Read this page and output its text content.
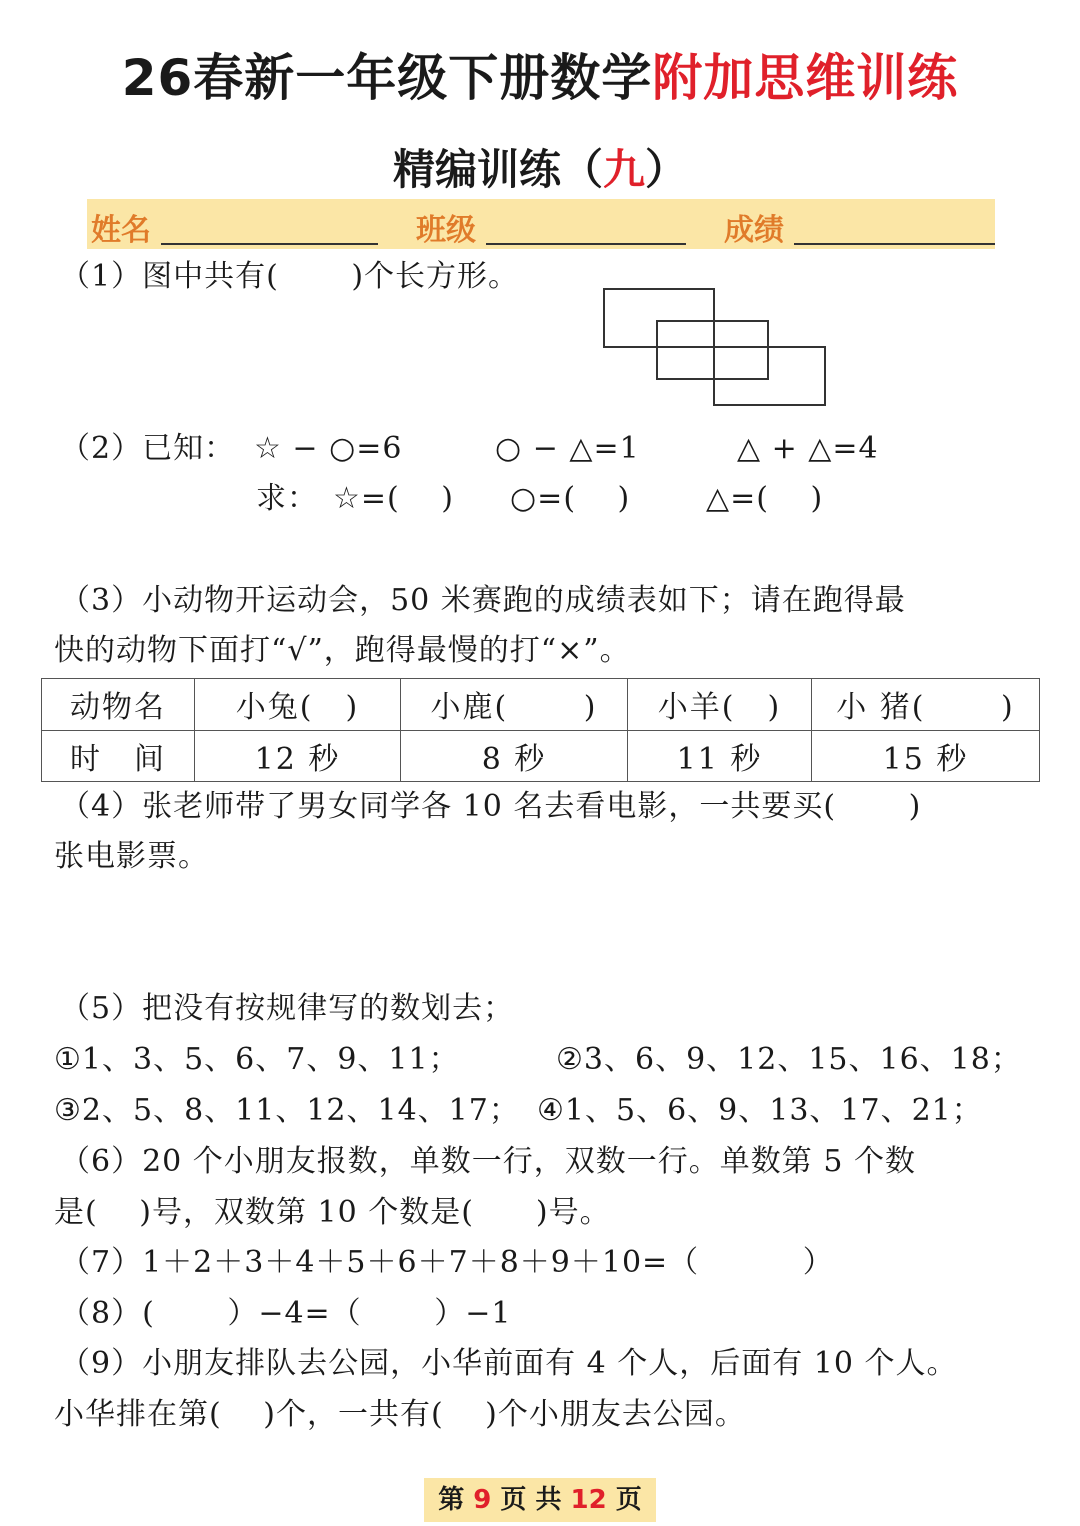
26春新一年级下册数学附加思维训练
精编训练（九）
姓名	班级	成绩
（1）图中共有(　　 )个长方形。
（2）已知： ☆ − ○=6	○ − △=1	△ + △=4
求： ☆=(　 ) ○=(　 )	△=(　 )
（3）小动物开运动会，50 米赛跑的成绩表如下；请在跑得最
快的动物下面打“√”，跑得最慢的打“×”。
动物名	小兔(　)	小鹿(　　 )	小羊(　)	小 猪(　　 )
时　间	12 秒	8 秒	11 秒	15 秒
（4）张老师带了男女同学各 10 名去看电影，一共要买(　　 )
张电影票。
（5）把没有按规律写的数划去；
①1、3、5、6、7、9、11；	②3、6、9、12、15、16、18；
③2、5、8、11、12、14、17； ④1、5、6、9、13、17、21；
（6）20 个小朋友报数，单数一行，双数一行。单数第 5 个数
是(　 )号，双数第 10 个数是(　　)号。
（7）1＋2＋3＋4＋5＋6＋7＋8＋9＋10=（　　　 ）
（8）(　　 ）−4=（　　 ）−1
（9）小朋友排队去公园，小华前面有 4 个人，后面有 10 个人。
小华排在第(　 )个，一共有(　 )个小朋友去公园。
第 9 页 共 12 页
